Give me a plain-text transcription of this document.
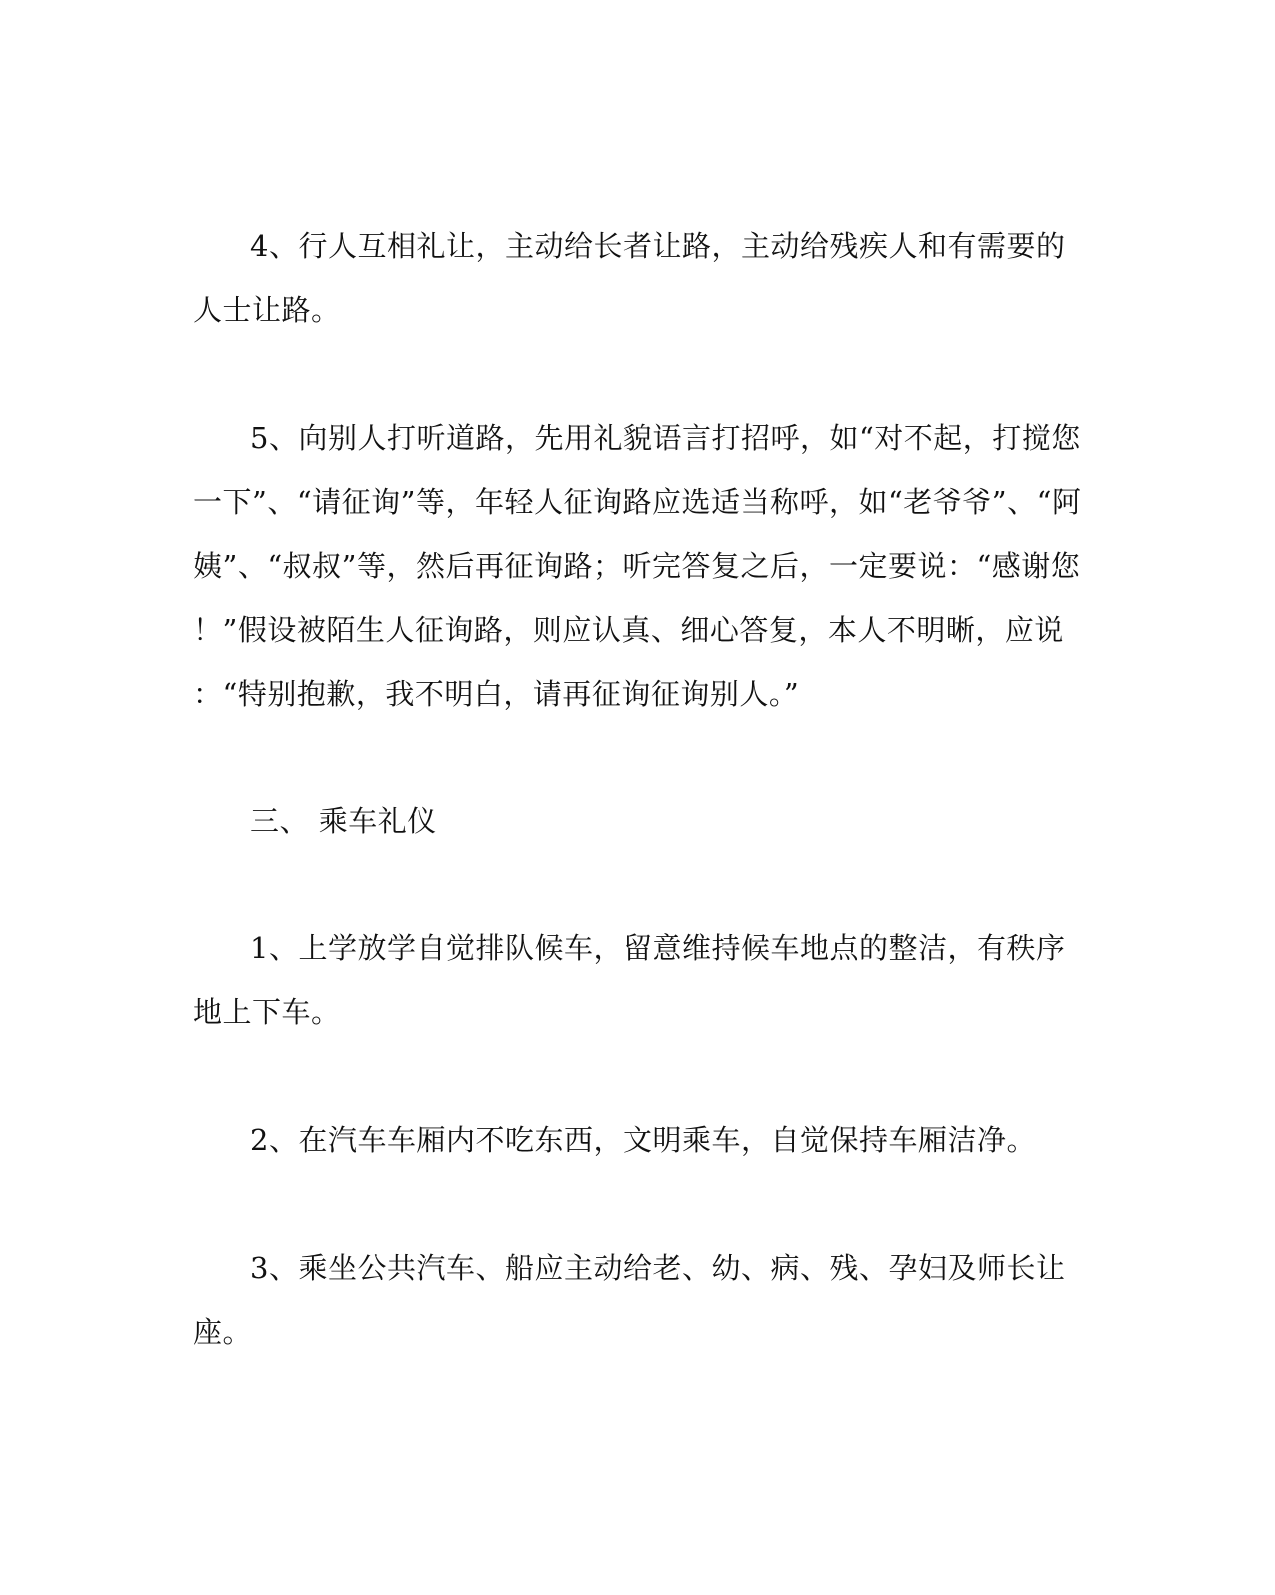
4、行人互相礼让，主动给长者让路，主动给残疾人和有需要的
人士让路。
5、向别人打听道路，先用礼貌语言打招呼，如“对不起，打搅您
一下”、“请征询”等，年轻人征询路应选适当称呼，如“老爷爷”、“阿
姨”、“叔叔”等，然后再征询路；听完答复之后，一定要说：“感谢您
！”假设被陌生人征询路，则应认真、细心答复，本人不明晰，应说
：“特别抱歉，我不明白，请再征询征询别人。”
三、 乘车礼仪
1、上学放学自觉排队候车，留意维持候车地点的整洁，有秩序
地上下车。
2、在汽车车厢内不吃东西，文明乘车，自觉保持车厢洁净。
3、乘坐公共汽车、船应主动给老、幼、病、残、孕妇及师长让
座。
